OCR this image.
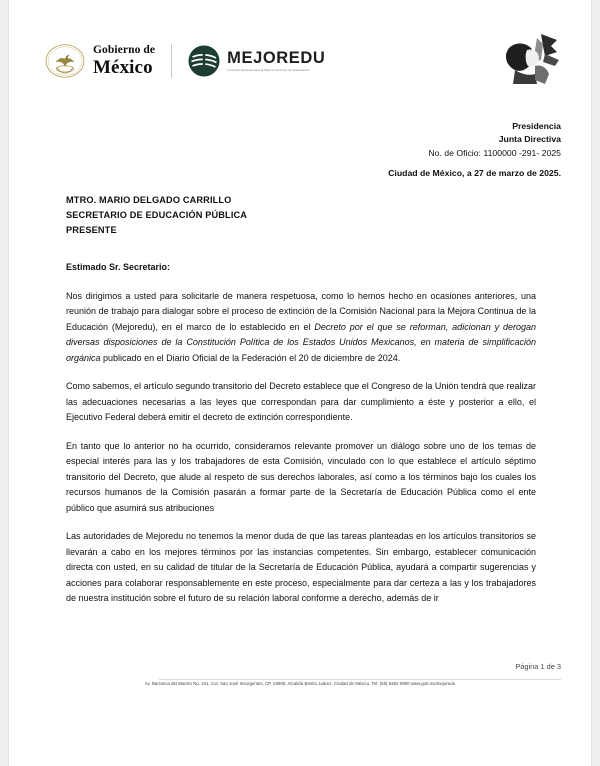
Gobierno de
México	MEJOREDU
Comisión Nacional para la Mejora Continua de la Educación
Presidencia
Junta Directiva
No. de Oficio: 1100000 -291- 2025
Ciudad de México, a 27 de marzo de 2025.
MTRO. MARIO DELGADO CARRILLO
SECRETARIO DE EDUCACIÓN PÚBLICA
PRESENTE
Estimado Sr. Secretario:

Nos dirigimos a usted para solicitarle de manera respetuosa, como lo hemos hecho en ocasiones anteriores, una reunión de trabajo para dialogar sobre el proceso de extinción de la Comisión Nacional para la Mejora Continua de la Educación (Mejoredu), en el marco de lo establecido en el Decreto por el que se reforman, adicionan y derogan diversas disposiciones de la Constitución Política de los Estados Unidos Mexicanos, en materia de simplificación orgánica publicado en el Diario Oficial de la Federación el 20 de diciembre de 2024.

Como sabemos, el artículo segundo transitorio del Decreto establece que el Congreso de la Unión tendrá que realizar las adecuaciones necesarias a las leyes que correspondan para dar cumplimiento a éste y posterior a ello, el Ejecutivo Federal deberá emitir el decreto de extinción correspondiente.

En tanto que lo anterior no ha ocurrido, consideramos relevante promover un diálogo sobre uno de los temas de especial interés para las y los trabajadores de esta Comisión, vinculado con lo que establece el artículo séptimo transitorio del Decreto, que alude al respeto de sus derechos laborales, así como a los términos bajo los cuales los recursos humanos de la Comisión pasarán a formar parte de la Secretaría de Educación Pública como el ente público que asumirá sus atribuciones

Las autoridades de Mejoredu no tenemos la menor duda de que las tareas planteadas en los artículos transitorios se llevarán a cabo en los mejores términos por las instancias competentes. Sin embargo, establecer comunicación directa con usted, en su calidad de titular de la Secretaría de Educación Pública, ayudará a compartir sugerencias y acciones para colaborar responsablemente en este proceso, especialmente para dar certeza a las y los trabajadores de nuestra institución sobre el futuro de su relación laboral conforme a derecho, además de ir

Página 1 de 3
Av. Barranca del Muerto No. 341, Col. San José Insurgentes, CP. 03900, Alcaldía Benito Juárez, Ciudad de México. Tel: (55) 5482 0900 www.gob.mx/mejoredu
